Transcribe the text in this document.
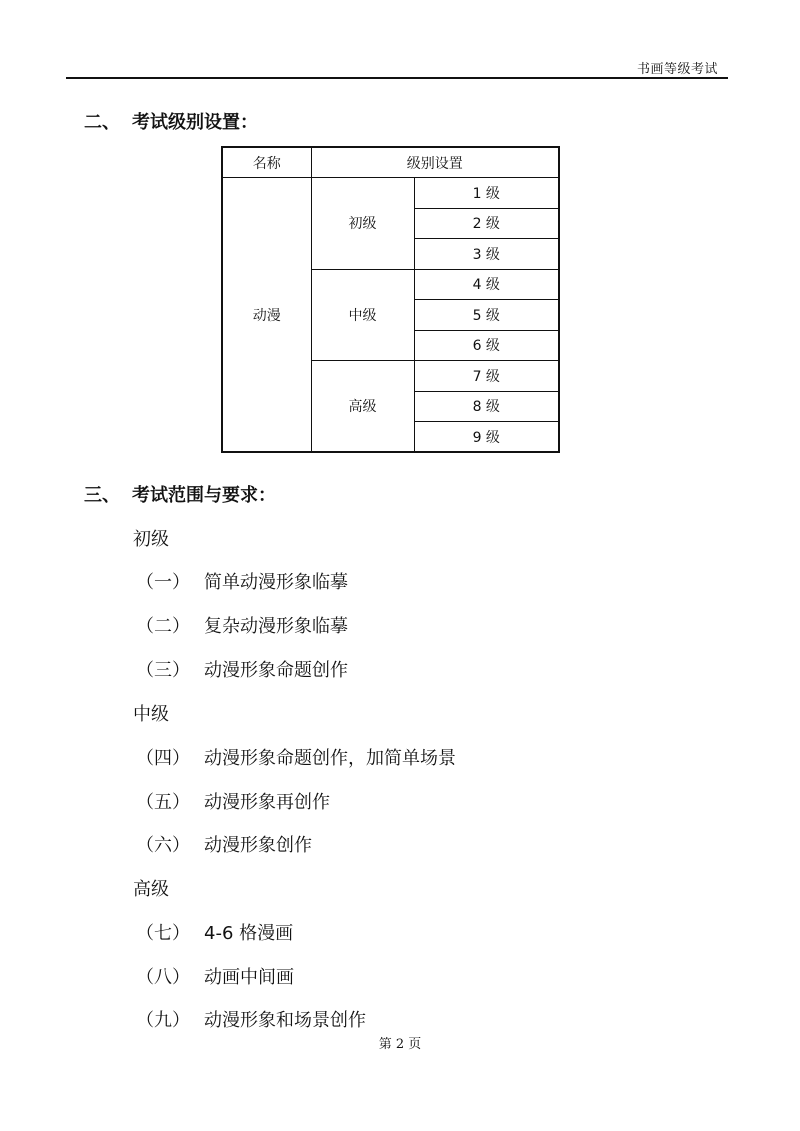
书画等级考试
二、 考试级别设置：
名称	级别设置	
动漫	初级	1 级
		2 级
		3 级
	中级	4 级
		5 级
		6 级
	高级	7 级
		8 级
		9 级
三、 考试范围与要求：
初级
（一） 简单动漫形象临摹
（二） 复杂动漫形象临摹
（三） 动漫形象命题创作
中级
（四） 动漫形象命题创作，加简单场景
（五） 动漫形象再创作
（六） 动漫形象创作
高级
（七） 4-6 格漫画
（八） 动画中间画
（九） 动漫形象和场景创作
第 2 页
